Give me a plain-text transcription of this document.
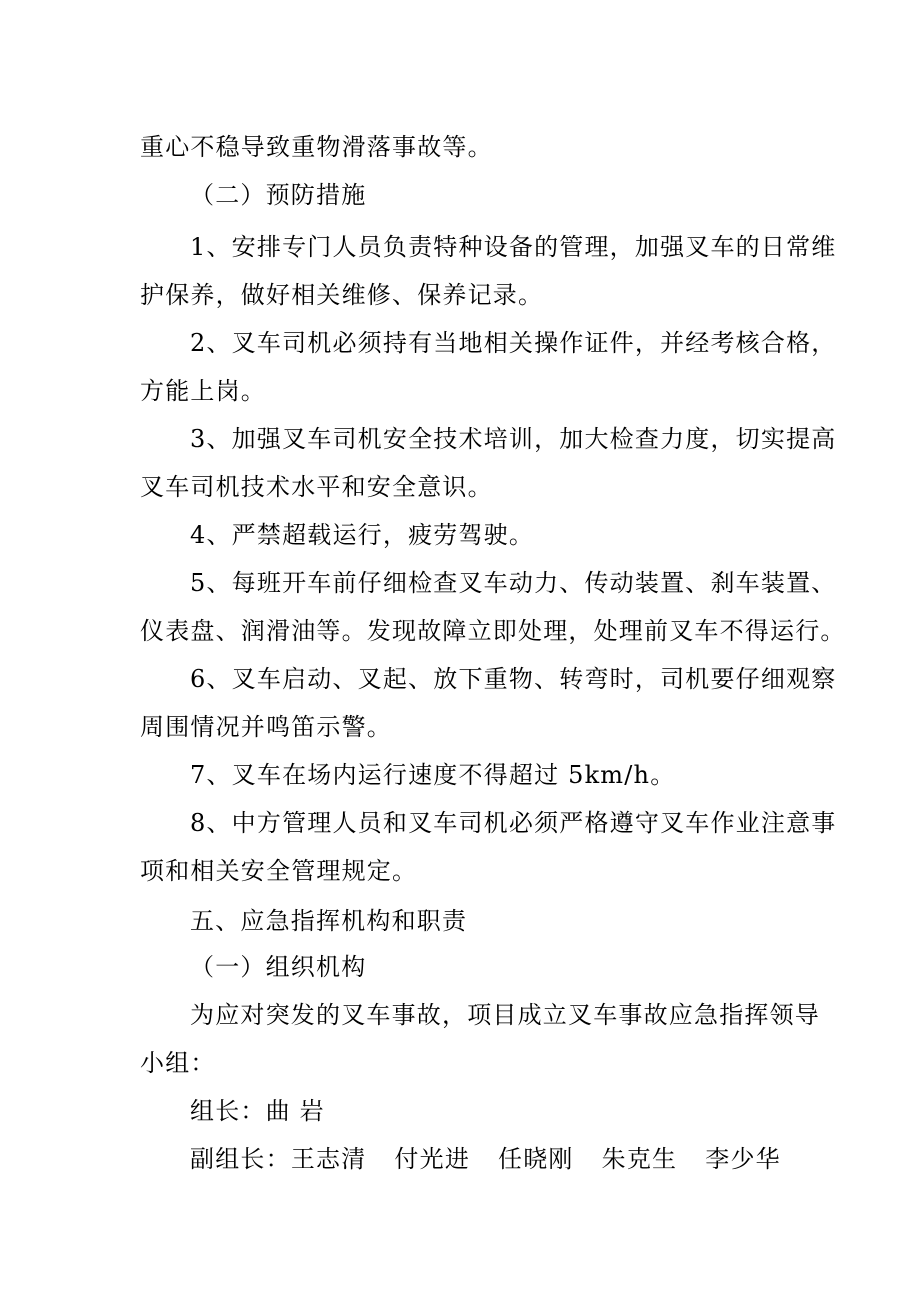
重心不稳导致重物滑落事故等。
（二）预防措施
1、安排专门人员负责特种设备的管理，加强叉车的日常维
护保养，做好相关维修、保养记录。
2、叉车司机必须持有当地相关操作证件，并经考核合格，
方能上岗。
3、加强叉车司机安全技术培训，加大检查力度，切实提高
叉车司机技术水平和安全意识。
4、严禁超载运行，疲劳驾驶。
5、每班开车前仔细检查叉车动力、传动装置、刹车装置、
仪表盘、润滑油等。发现故障立即处理，处理前叉车不得运行。
6、叉车启动、叉起、放下重物、转弯时，司机要仔细观察
周围情况并鸣笛示警。
7、叉车在场内运行速度不得超过 5km/h。
8、中方管理人员和叉车司机必须严格遵守叉车作业注意事
项和相关安全管理规定。
五、应急指挥机构和职责
（一）组织机构
为应对突发的叉车事故，项目成立叉车事故应急指挥领导
小组：
组长：曲 岩
副组长：王志清 付光进 任晓刚 朱克生 李少华
